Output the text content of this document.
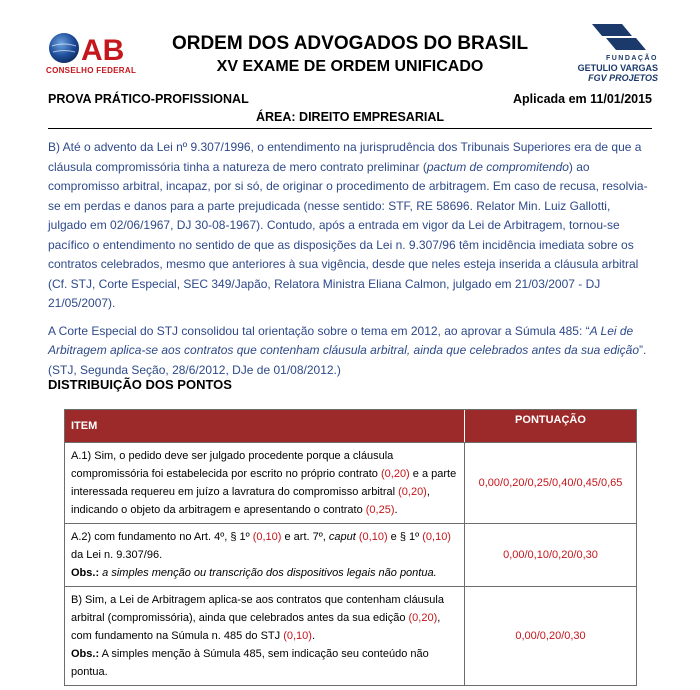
AB
CONSELHO FEDERAL
ORDEM DOS ADVOGADOS DO BRASIL
XV EXAME DE ORDEM UNIFICADO	FUNDAÇÃO
GETULIO VARGAS
FGV PROJETOS
PROVA PRÁTICO-PROFISSIONAL	Aplicada em 11/01/2015
ÁREA: DIREITO EMPRESARIAL

B) Até o advento da Lei nº 9.307/1996, o entendimento na jurisprudência dos Tribunais Superiores era de que a cláusula compromissória tinha a natureza de mero contrato preliminar (pactum de compromitendo) ao compromisso arbitral, incapaz, por si só, de originar o procedimento de arbitragem. Em caso de recusa, resolvia-se em perdas e danos para a parte prejudicada (nesse sentido: STF, RE 58696. Relator Min. Luiz Gallotti, julgado em 02/06/1967, DJ 30-08-1967). Contudo, após a entrada em vigor da Lei de Arbitragem, tornou-se pacífico o entendimento no sentido de que as disposições da Lei n. 9.307/96 têm incidência imediata sobre os contratos celebrados, mesmo que anteriores à sua vigência, desde que neles esteja inserida a cláusula arbitral (Cf. STJ, Corte Especial, SEC 349/Japão, Relatora Ministra Eliana Calmon, julgado em 21/03/2007 - DJ 21/05/2007).

A Corte Especial do STJ consolidou tal orientação sobre o tema em 2012, ao aprovar a Súmula 485: “A Lei de Arbitragem aplica-se aos contratos que contenham cláusula arbitral, ainda que celebrados antes da sua edição”. (STJ, Segunda Seção, 28/6/2012, DJe de 01/08/2012.)

DISTRIBUIÇÃO DOS PONTOS
ITEM	PONTUAÇÃO
A.1) Sim, o pedido deve ser julgado procedente porque a cláusula compromissória foi estabelecida por escrito no próprio contrato (0,20) e a parte interessada requereu em juízo a lavratura do compromisso arbitral (0,20), indicando o objeto da arbitragem e apresentando o contrato (0,25).
0,00/0,20/0,25/0,40/0,45/0,65
A.2) com fundamento no Art. 4º, § 1º (0,10) e art. 7º, caput (0,10) e § 1º (0,10) da Lei n. 9.307/96.
Obs.: a simples menção ou transcrição dos dispositivos legais não pontua.
0,00/0,10/0,20/0,30
B) Sim, a Lei de Arbitragem aplica-se aos contratos que contenham cláusula arbitral (compromissória), ainda que celebrados antes da sua edição (0,20), com fundamento na Súmula n. 485 do STJ (0,10).
Obs.: A simples menção à Súmula 485, sem indicação seu conteúdo não pontua.
0,00/0,20/0,30
